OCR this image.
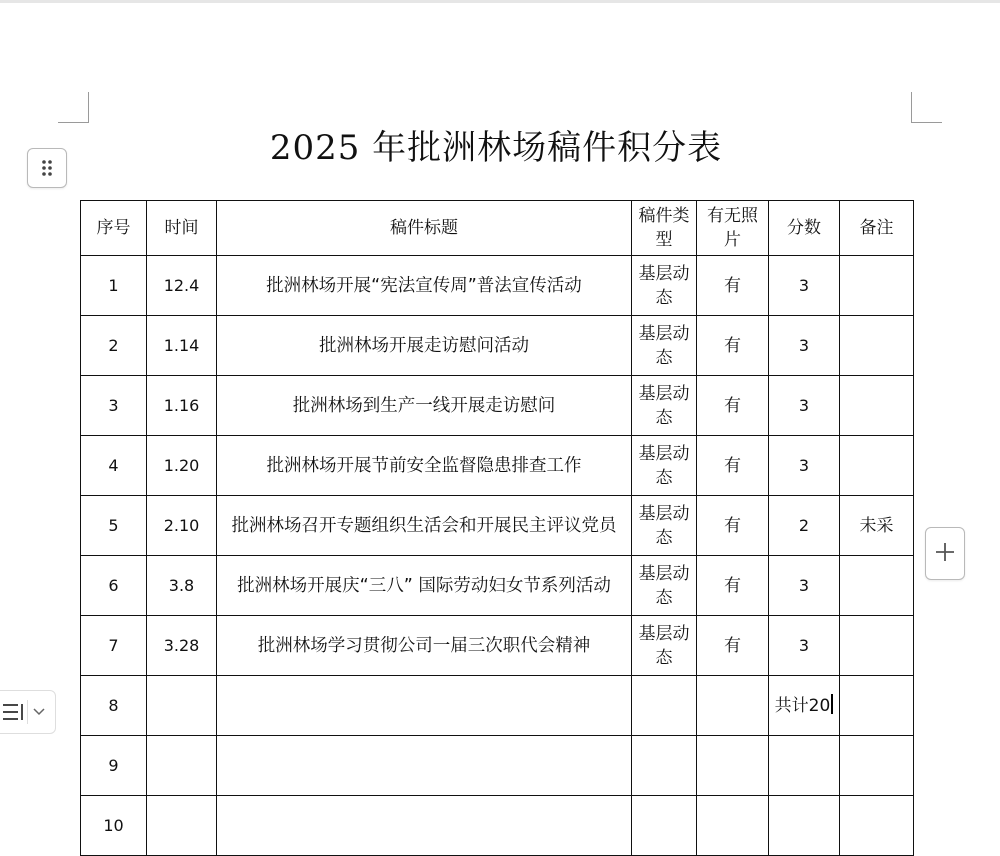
2025 年批洲林场稿件积分表
序号	时间	稿件标题	稿件类型	有无照片	分数	备注
1	12.4	批洲林场开展“宪法宣传周”普法宣传活动	基层动态	有	3	
2	1.14	批洲林场开展走访慰问活动	基层动态	有	3	
3	1.16	批洲林场到生产一线开展走访慰问	基层动态	有	3	
4	1.20	批洲林场开展节前安全监督隐患排查工作	基层动态	有	3	
5	2.10	批洲林场召开专题组织生活会和开展民主评议党员	基层动态	有	2	未采
6	3.8	批洲林场开展庆“三八” 国际劳动妇女节系列活动	基层动态	有	3	
7	3.28	批洲林场学习贯彻公司一届三次职代会精神	基层动态	有	3	
8					共计20	
9						
10						
